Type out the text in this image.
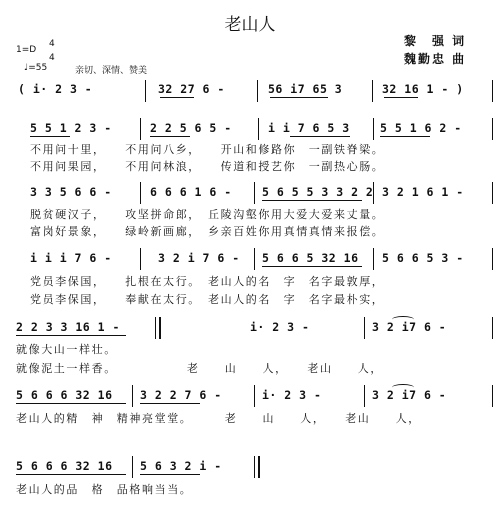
老山人
黎　强 词
魏勤忠 曲
1=D
4
4
♩=55	亲切、深情、赞美
( i· 2 3 -	32 27 6 -	56 i7 65 3	32 16 1 - )
5 5 1 2 3 -	2 2 5 6 5 -	i i 7 6 5 3	5 5 1 6 2 -
不用问十里，　　不用问八乡，　　开山和修路你　一副铁脊梁。
不用问果园，　　不用问林浪，　　传道和授艺你　一副热心肠。
3 3 5 6 6 -	6 6 6 1 6 -	5 6 5 5 3 3 2 2 3 2 1 6 1 -
脱贫硬汉子，　　攻坚拼命郎，　丘陵沟壑你用大爱大爱来丈量。
富岗好景象，　　绿岭新画廊，　乡亲百姓你用真情真情来报偿。
i i i 7 6 -	3 2 i 7 6 - 5 6 6 5 32 16 5 6 6 5 3 -
党员李保国，　　扎根在太行。　老山人的名　字　名字最敦厚，
党员李保国，　　奉献在太行。　老山人的名　字　名字最朴实，
2 2 3 3 16 1 -	i· 2 3 -	3 2 i7 6 -
就像大山一样壮。
就像泥土一样香。　　　　　　老　　山　　人，　　老山　　人，
5 6 6 6 32 16 3 2 2 7 6 -	i· 2 3 -	3 2 i7 6 -
老山人的精　神　精神亮堂堂。　　　老　　山　　人，　　老山　　人，
5 6 6 6 32 16 5 6 3 2 i -
老山人的品　格　品格响当当。
